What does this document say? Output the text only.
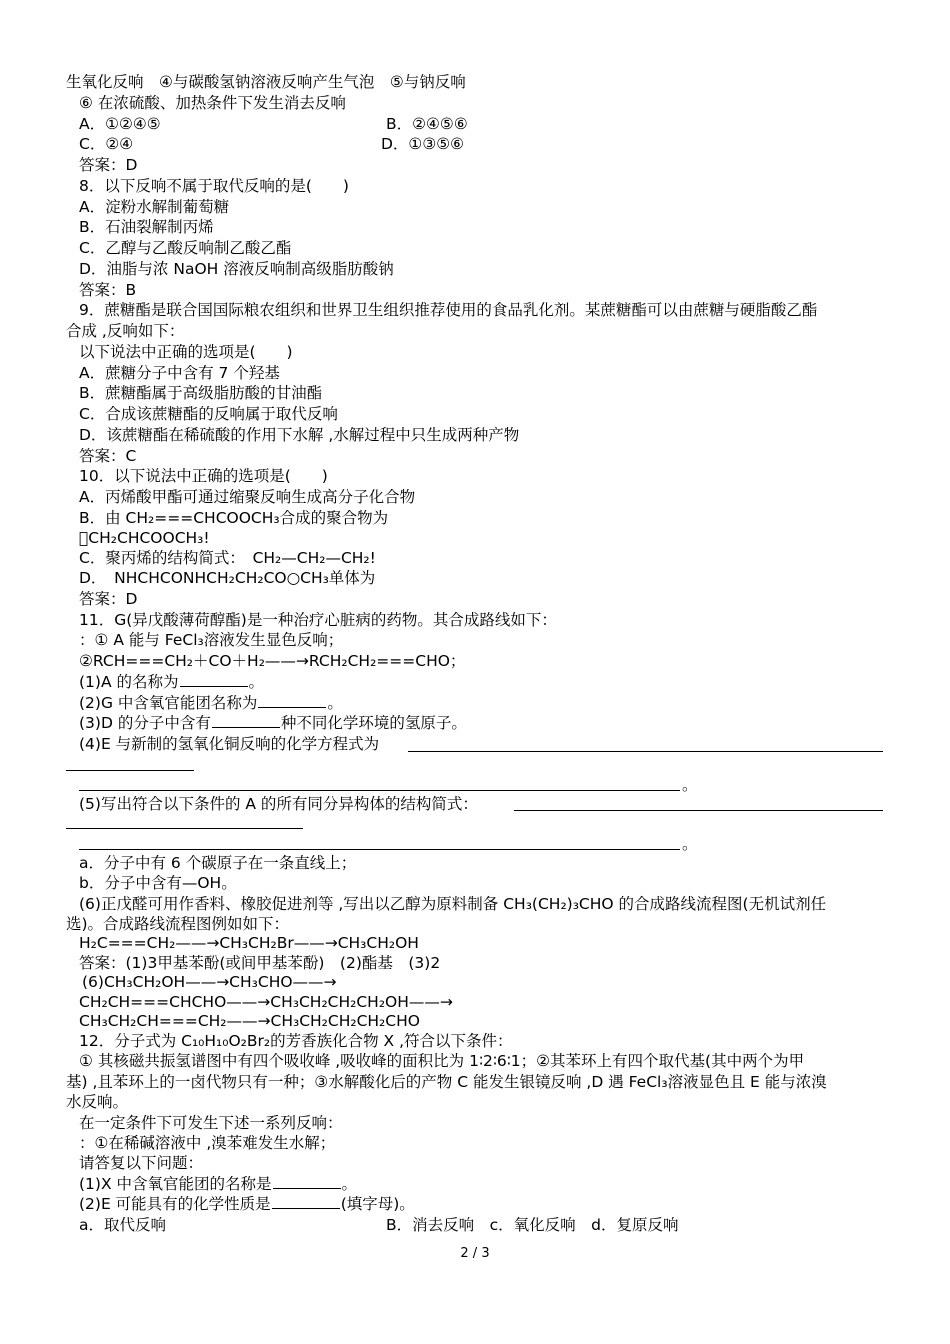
生氧化反响　④与碳酸氢钠溶液反响产生气泡　⑤与钠反响
⑥ 在浓硫酸、加热条件下发生消去反响
A．①②④⑤	B．②④⑤⑥
C．②④	D．①③⑤⑥
答案：D
8．以下反响不属于取代反响的是(　　)
A．淀粉水解制葡萄糖
B．石油裂解制丙烯
C．乙醇与乙酸反响制乙酸乙酯
D．油脂与浓 NaOH 溶液反响制高级脂肪酸钠
答案：B
9．蔗糖酯是联合国国际粮农组织和世界卫生组织推荐使用的食品乳化剂。某蔗糖酯可以由蔗糖与硬脂酸乙酯
合成 ,反响如下：
以下说法中正确的选项是(　　)
A．蔗糖分子中含有 7 个羟基
B．蔗糖酯属于高级脂肪酸的甘油酯
C．合成该蔗糖酯的反响属于取代反响
D．该蔗糖酯在稀硫酸的作用下水解 ,水解过程中只生成两种产物
答案：C
10．以下说法中正确的选项是(　　)
A．丙烯酸甲酯可通过缩聚反响生成高分子化合物
B．由 CH₂===CHCOOCH₃合成的聚合物为
 CH₂CHCOOCH₃!
C．聚丙烯的结构简式：　CH₂—CH₂—CH₂!
D．　NHCHCONHCH₂CH₂CO○CH₃单体为
答案：D
11．G(异戊酸薄荷醇酯)是一种治疗心脏病的药物。其合成路线如下：
：① A 能与 FeCl₃溶液发生显色反响；
②RCH===CH₂＋CO＋H₂——→RCH₂CH₂===CHO；
(1)A 的名称为	。
(2)G 中含氧官能团名称为	。
(3)D 的分子中含有	种不同化学环境的氢原子。
(4)E 与新制的氢氧化铜反响的化学方程式为
。
(5)写出符合以下条件的 A 的所有同分异构体的结构简式：
。
a．分子中有 6 个碳原子在一条直线上；
b．分子中含有—OH。
(6)正戊醛可用作香料、橡胶促进剂等 ,写出以乙醇为原料制备 CH₃(CH₂)₃CHO 的合成路线流程图(无机试剂任
选)。合成路线流程图例如如下：
H₂C===CH₂——→CH₃CH₂Br——→CH₃CH₂OH
答案：(1)3甲基苯酚(或间甲基苯酚)　(2)酯基　(3)2
(6)CH₃CH₂OH——→CH₃CHO——→
CH₂CH===CHCHO——→CH₃CH₂CH₂CH₂OH——→
CH₃CH₂CH===CH₂——→CH₃CH₂CH₂CH₂CHO
12．分子式为 C₁₀H₁₀O₂Br₂的芳香族化合物 X ,符合以下条件：
① 其核磁共振氢谱图中有四个吸收峰 ,吸收峰的面积比为 1∶2∶6∶1；②其苯环上有四个取代基(其中两个为甲
基) ,且苯环上的一卤代物只有一种；③水解酸化后的产物 C 能发生银镜反响 ,D 遇 FeCl₃溶液显色且 E 能与浓溴
水反响。
在一定条件下可发生下述一系列反响：
：①在稀碱溶液中 ,溴苯难发生水解；
请答复以下问题：
(1)X 中含氧官能团的名称是	。
(2)E 可能具有的化学性质是	(填字母)。
a．取代反响	B．消去反响　c．氧化反响　d．复原反响
2 / 3
